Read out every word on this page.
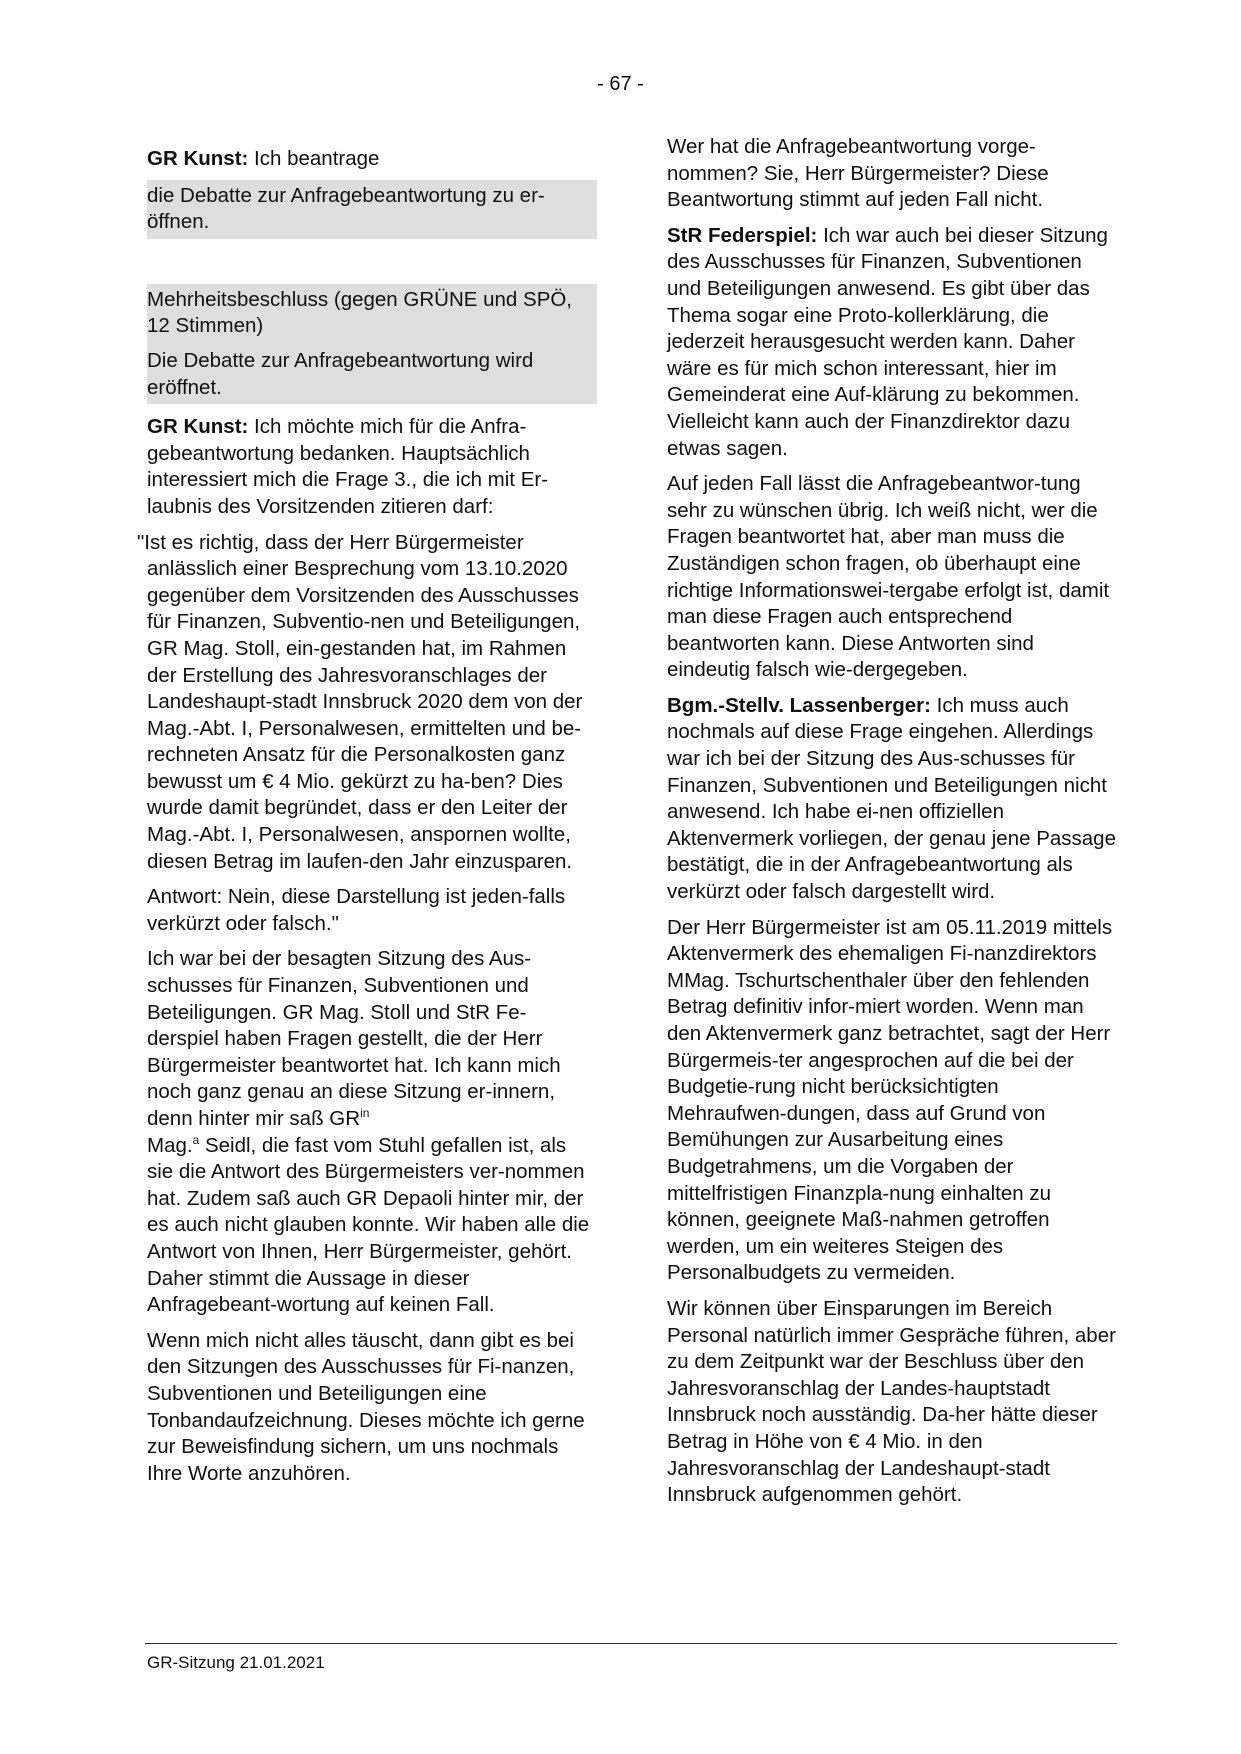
- 67 -

GR Kunst: Ich beantrage

die Debatte zur Anfragebeantwortung zu er-
öffnen.

Mehrheitsbeschluss (gegen GRÜNE und SPÖ, 12 Stimmen)

Die Debatte zur Anfragebeantwortung wird eröffnet.

GR Kunst: Ich möchte mich für die Anfra-gebeantwortung bedanken. Hauptsächlich interessiert mich die Frage 3., die ich mit Er-laubnis des Vorsitzenden zitieren darf:

"Ist es richtig, dass der Herr Bürgermeister anlässlich einer Besprechung vom 13.10.2020 gegenüber dem Vorsitzenden des Ausschusses für Finanzen, Subventio-nen und Beteiligungen, GR Mag. Stoll, ein-gestanden hat, im Rahmen der Erstellung des Jahresvoranschlages der Landeshaupt-stadt Innsbruck 2020 dem von der Mag.-Abt. I, Personalwesen, ermittelten und be-rechneten Ansatz für die Personalkosten ganz bewusst um € 4 Mio. gekürzt zu ha-ben? Dies wurde damit begründet, dass er den Leiter der Mag.-Abt. I, Personalwesen, anspornen wollte, diesen Betrag im laufen-den Jahr einzusparen.

Antwort: Nein, diese Darstellung ist jeden-falls verkürzt oder falsch."

Ich war bei der besagten Sitzung des Aus-schusses für Finanzen, Subventionen und Beteiligungen. GR Mag. Stoll und StR Fe-derspiel haben Fragen gestellt, die der Herr Bürgermeister beantwortet hat. Ich kann mich noch ganz genau an diese Sitzung er-innern, denn hinter mir saß $GR^{in}$
Mag.$^a$ Seidl, die fast vom Stuhl gefallen ist, als sie die Antwort des Bürgermeisters ver-nommen hat. Zudem saß auch GR Depaoli hinter mir, der es auch nicht glauben konnte. Wir haben alle die Antwort von Ihnen, Herr Bürgermeister, gehört. Daher stimmt die Aussage in dieser Anfragebeant-wortung auf keinen Fall.

Wenn mich nicht alles täuscht, dann gibt es bei den Sitzungen des Ausschusses für Fi-nanzen, Subventionen und Beteiligungen eine Tonbandaufzeichnung. Dieses möchte ich gerne zur Beweisfindung sichern, um uns nochmals Ihre Worte anzuhören.

Wer hat die Anfragebeantwortung vorge-nommen? Sie, Herr Bürgermeister? Diese Beantwortung stimmt auf jeden Fall nicht.

StR Federspiel: Ich war auch bei dieser Sitzung des Ausschusses für Finanzen, Subventionen und Beteiligungen anwesend. Es gibt über das Thema sogar eine Proto-kollerklärung, die jederzeit herausgesucht werden kann. Daher wäre es für mich schon interessant, hier im Gemeinderat eine Auf-klärung zu bekommen. Vielleicht kann auch der Finanzdirektor dazu etwas sagen.

Auf jeden Fall lässt die Anfragebeantwor-tung sehr zu wünschen übrig. Ich weiß nicht, wer die Fragen beantwortet hat, aber man muss die Zuständigen schon fragen, ob überhaupt eine richtige Informationswei-tergabe erfolgt ist, damit man diese Fragen auch entsprechend beantworten kann. Diese Antworten sind eindeutig falsch wie-dergegeben.

Bgm.-Stellv. Lassenberger: Ich muss auch nochmals auf diese Frage eingehen. Allerdings war ich bei der Sitzung des Aus-schusses für Finanzen, Subventionen und Beteiligungen nicht anwesend. Ich habe ei-nen offiziellen Aktenvermerk vorliegen, der genau jene Passage bestätigt, die in der Anfragebeantwortung als verkürzt oder falsch dargestellt wird.

Der Herr Bürgermeister ist am 05.11.2019 mittels Aktenvermerk des ehemaligen Fi-nanzdirektors MMag. Tschurtschenthaler über den fehlenden Betrag definitiv infor-miert worden. Wenn man den Aktenvermerk ganz betrachtet, sagt der Herr Bürgermeis-ter angesprochen auf die bei der Budgetie-rung nicht berücksichtigten Mehraufwen-dungen, dass auf Grund von Bemühungen zur Ausarbeitung eines Budgetrahmens, um die Vorgaben der mittelfristigen Finanzpla-nung einhalten zu können, geeignete Maß-nahmen getroffen werden, um ein weiteres Steigen des Personalbudgets zu vermeiden.

Wir können über Einsparungen im Bereich Personal natürlich immer Gespräche führen, aber zu dem Zeitpunkt war der Beschluss über den Jahresvoranschlag der Landes-hauptstadt Innsbruck noch ausständig. Da-her hätte dieser Betrag in Höhe von € 4 Mio. in den Jahresvoranschlag der Landeshaupt-stadt Innsbruck aufgenommen gehört.

GR-Sitzung 21.01.2021
